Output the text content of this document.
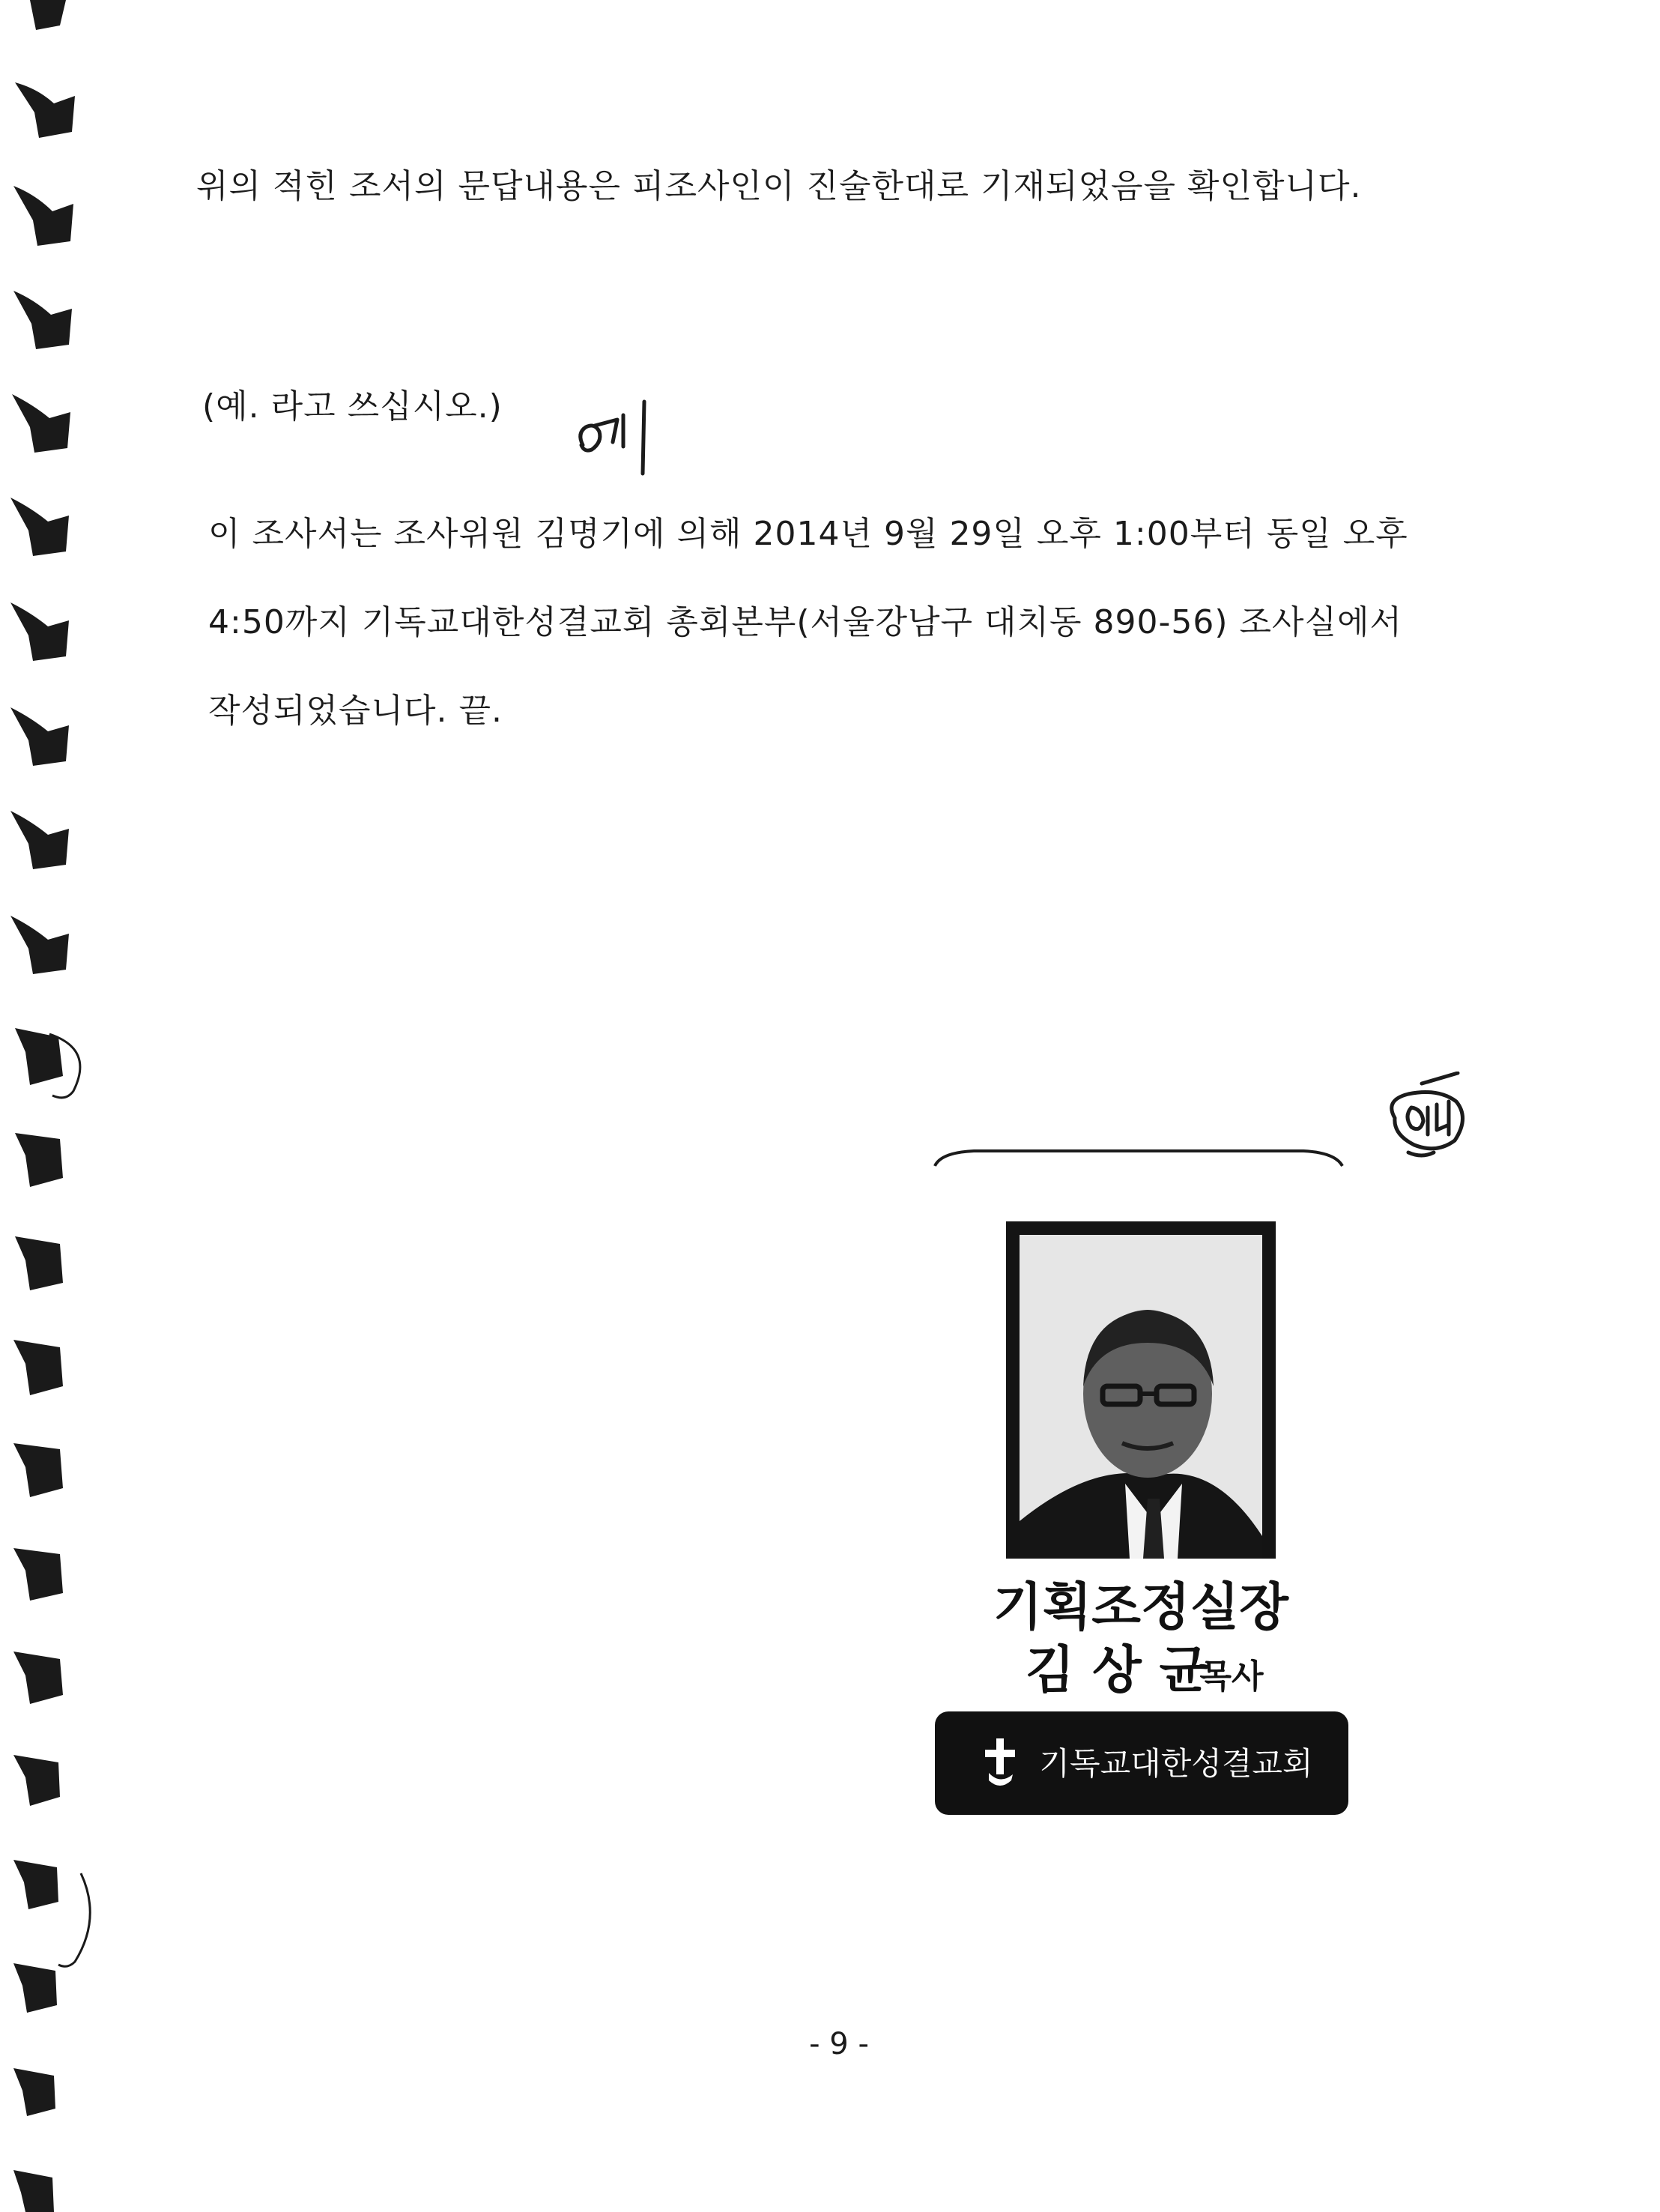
위의 적힌 조서의 문답내용은 피조사인이 진술한대로 기재되었음을 확인합니다.

(예. 라고 쓰십시오.)

이 조사서는 조사위원 김명기에 의해 2014년 9월 29일 오후 1:00부터 동일 오후 4:50까지 기독교대한성결교회 총회본부(서울강남구 대치동 890-56) 조사실에서 작성되었습니다. 끝.

기획조정실장
김 상 균
목사
기독교대한성결교회
- 9 -
